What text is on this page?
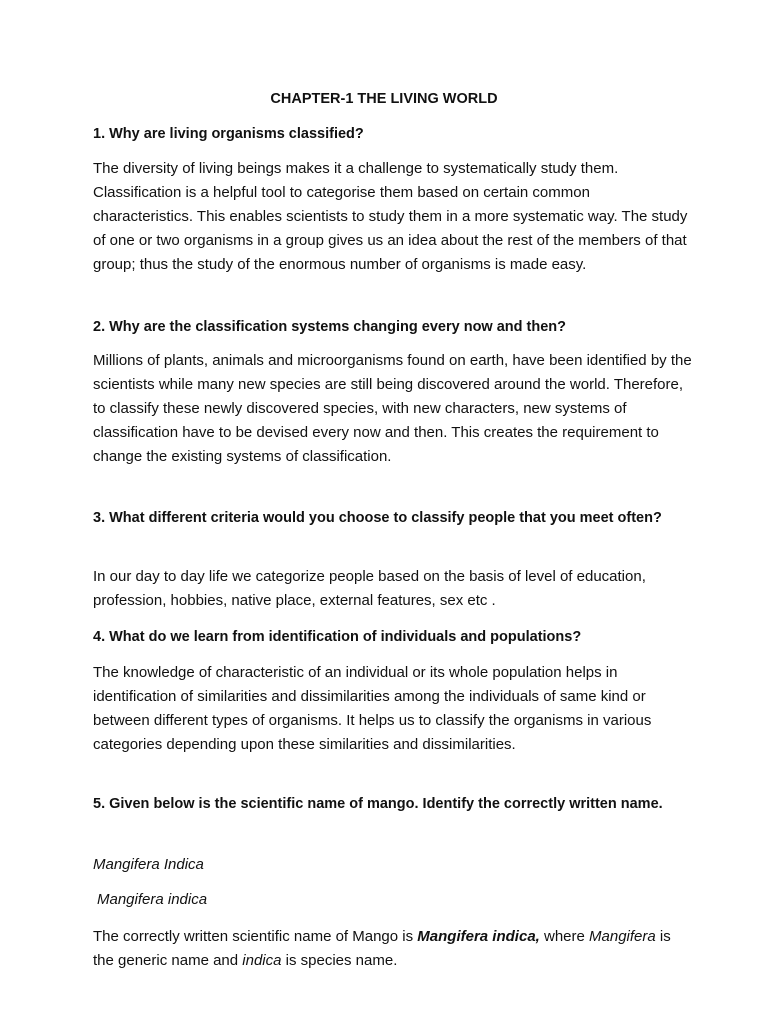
CHAPTER-1 THE LIVING WORLD

1. Why are living organisms classified?

The diversity of living beings makes it a challenge to systematically study them. Classification is a helpful tool to categorise them based on certain common characteristics. This enables scientists to study them in a more systematic way. The study of one or two organisms in a group gives us an idea about the rest of the members of that group; thus the study of the enormous number of organisms is made easy.

2. Why are the classification systems changing every now and then?

Millions of plants, animals and microorganisms found on earth, have been identified by the scientists while many new species are still being discovered around the world. Therefore, to classify these newly discovered species, with new characters, new systems of classification have to be devised every now and then. This creates the requirement to change the existing systems of classification.

3. What different criteria would you choose to classify people that you meet often?

In our day to day life we categorize people based on the basis of level of education, profession, hobbies, native place, external features, sex etc .

4. What do we learn from identification of individuals and populations?

The knowledge of characteristic of an individual or its whole population helps in identification of similarities and dissimilarities among the individuals of same kind or between different types of organisms. It helps us to classify the organisms in various categories depending upon these similarities and dissimilarities.

5. Given below is the scientific name of mango. Identify the correctly written name.

Mangifera Indica

Mangifera indica

The correctly written scientific name of Mango is Mangifera indica, where Mangifera is the generic name and indica is species name.
